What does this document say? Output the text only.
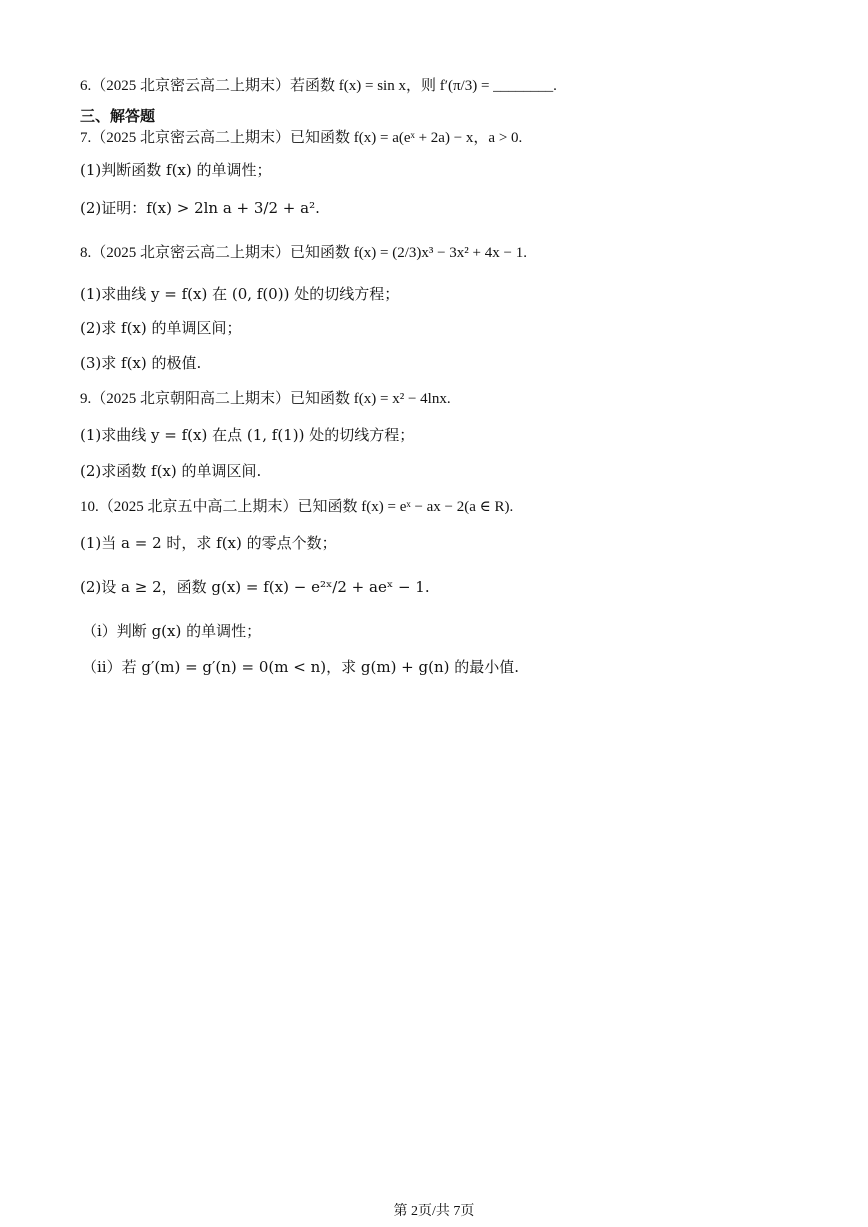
6.（2025 北京密云高二上期末）若函数 f(x) = sin x，则 f′(π/3) = ________.
三、解答题
7.（2025 北京密云高二上期末）已知函数 f(x) = a(eˣ + 2a) − x，a > 0.
(1)判断函数 f(x) 的单调性；
(2)证明：f(x) > 2ln a + 3/2 + a².
8.（2025 北京密云高二上期末）已知函数 f(x) = (2/3)x³ − 3x² + 4x − 1.
(1)求曲线 y = f(x) 在 (0, f(0)) 处的切线方程；
(2)求 f(x) 的单调区间；
(3)求 f(x) 的极值.
9.（2025 北京朝阳高二上期末）已知函数 f(x) = x² − 4lnx.
(1)求曲线 y = f(x) 在点 (1, f(1)) 处的切线方程；
(2)求函数 f(x) 的单调区间.
10.（2025 北京五中高二上期末）已知函数 f(x) = eˣ − ax − 2(a ∈ R).
(1)当 a = 2 时，求 f(x) 的零点个数；
(2)设 a ≥ 2，函数 g(x) = f(x) − e²ˣ/2 + aeˣ − 1.
（i）判断 g(x) 的单调性；
（ii）若 g′(m) = g′(n) = 0(m < n)，求 g(m) + g(n) 的最小值.
第 2页/共 7页
